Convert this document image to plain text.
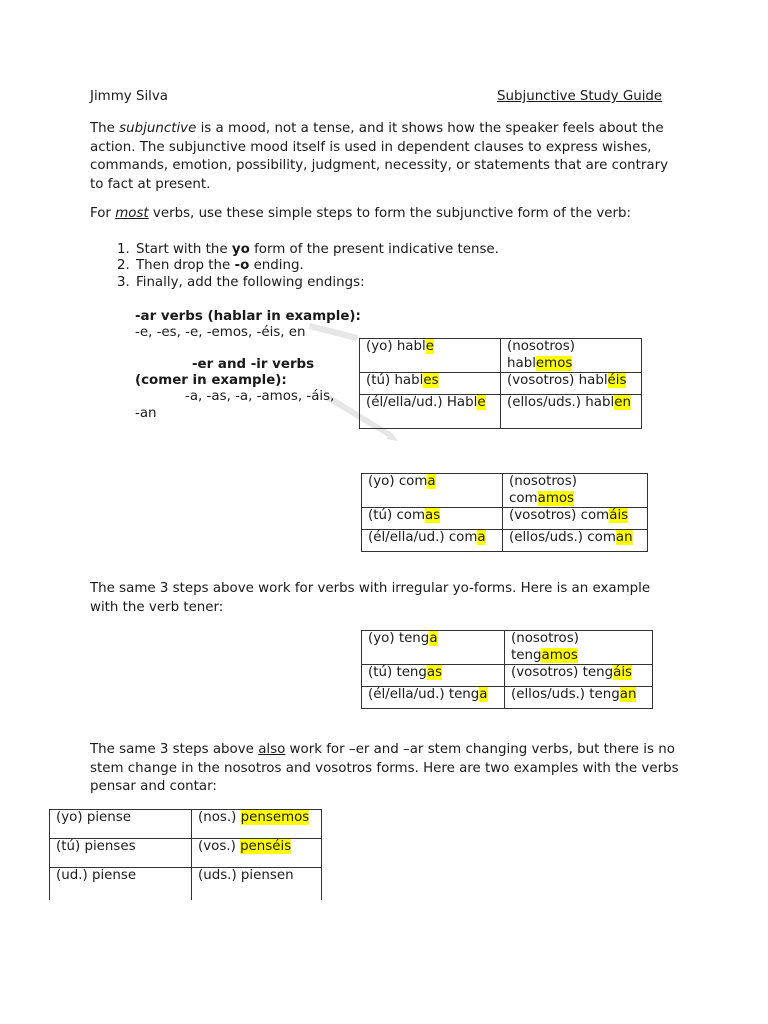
Jimmy Silva	Subjunctive Study Guide
The subjunctive is a mood, not a tense, and it shows how the speaker feels about the action. The subjunctive mood itself is used in dependent clauses to express wishes, commands, emotion, possibility, judgment, necessity, or statements that are contrary to fact at present.
For most verbs, use these simple steps to form the subjunctive form of the verb:
1. Start with the yo form of the present indicative tense.
2. Then drop the -o ending.
3. Finally, add the following endings:
-ar verbs (hablar in example):
-e, -es, -e, -emos, -éis, en
-er and -ir verbs
(comer in example):
-a, -as, -a, -amos, -áis,
-an
(yo) hable	(nosotros) hablemos
(tú) hables	(vosotros) habléis
(él/ella/ud.) Hable	(ellos/uds.) hablen
(yo) coma	(nosotros) comamos
(tú) comas	(vosotros) comáis
(él/ella/ud.) coma	(ellos/uds.) coman
The same 3 steps above work for verbs with irregular yo-forms. Here is an example with the verb tener:
(yo) tenga	(nosotros) tengamos
(tú) tengas	(vosotros) tengáis
(él/ella/ud.) tenga	(ellos/uds.) tengan
The same 3 steps above also work for –er and –ar stem changing verbs, but there is no stem change in the nosotros and vosotros forms. Here are two examples with the verbs pensar and contar:
(yo) piense	(nos.) pensemos
(tú) pienses	(vos.) penséis
(ud.) piense	(uds.) piensen
